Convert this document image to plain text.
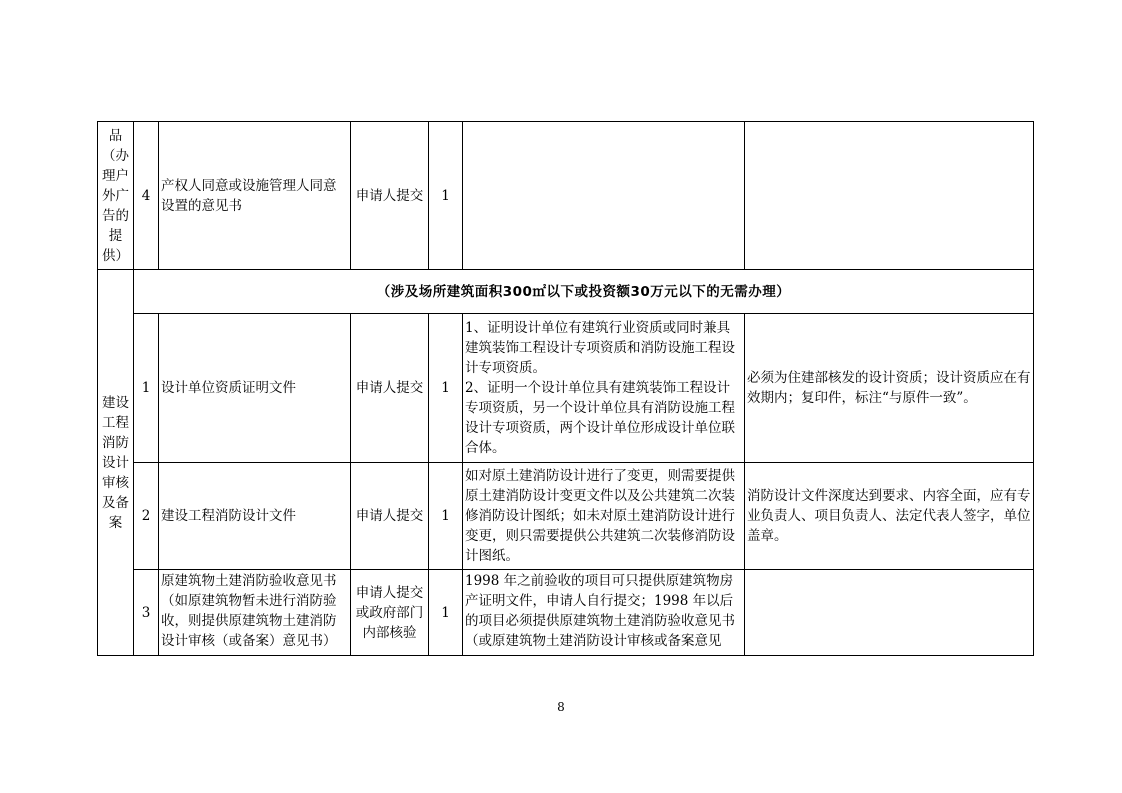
品（办理户外广告的提供）	4	产权人同意或设施管理人同意设置的意见书	申请人提交	1		
建设工程消防设计审核及备案	（涉及场所建筑面积300㎡以下或投资额30万元以下的无需办理）					
	1	设计单位资质证明文件	申请人提交	1	1、证明设计单位有建筑行业资质或同时兼具建筑装饰工程设计专项资质和消防设施工程设计专项资质。
2、证明一个设计单位具有建筑装饰工程设计专项资质，另一个设计单位具有消防设施工程设计专项资质，两个设计单位形成设计单位联合体。	必须为住建部核发的设计资质；设计资质应在有效期内；复印件，标注“与原件一致”。
	2	建设工程消防设计文件	申请人提交	1	如对原土建消防设计进行了变更，则需要提供原土建消防设计变更文件以及公共建筑二次装修消防设计图纸；如未对原土建消防设计进行变更，则只需要提供公共建筑二次装修消防设计图纸。	消防设计文件深度达到要求、内容全面，应有专业负责人、项目负责人、法定代表人签字，单位盖章。
	3	原建筑物土建消防验收意见书（如原建筑物暂未进行消防验收，则提供原建筑物土建消防设计审核（或备案）意见书）	申请人提交或政府部门内部核验	1	1998 年之前验收的项目可只提供原建筑物房产证明文件，申请人自行提交；1998 年以后的项目必须提供原建筑物土建消防验收意见书（或原建筑物土建消防设计审核或备案意见	

8
